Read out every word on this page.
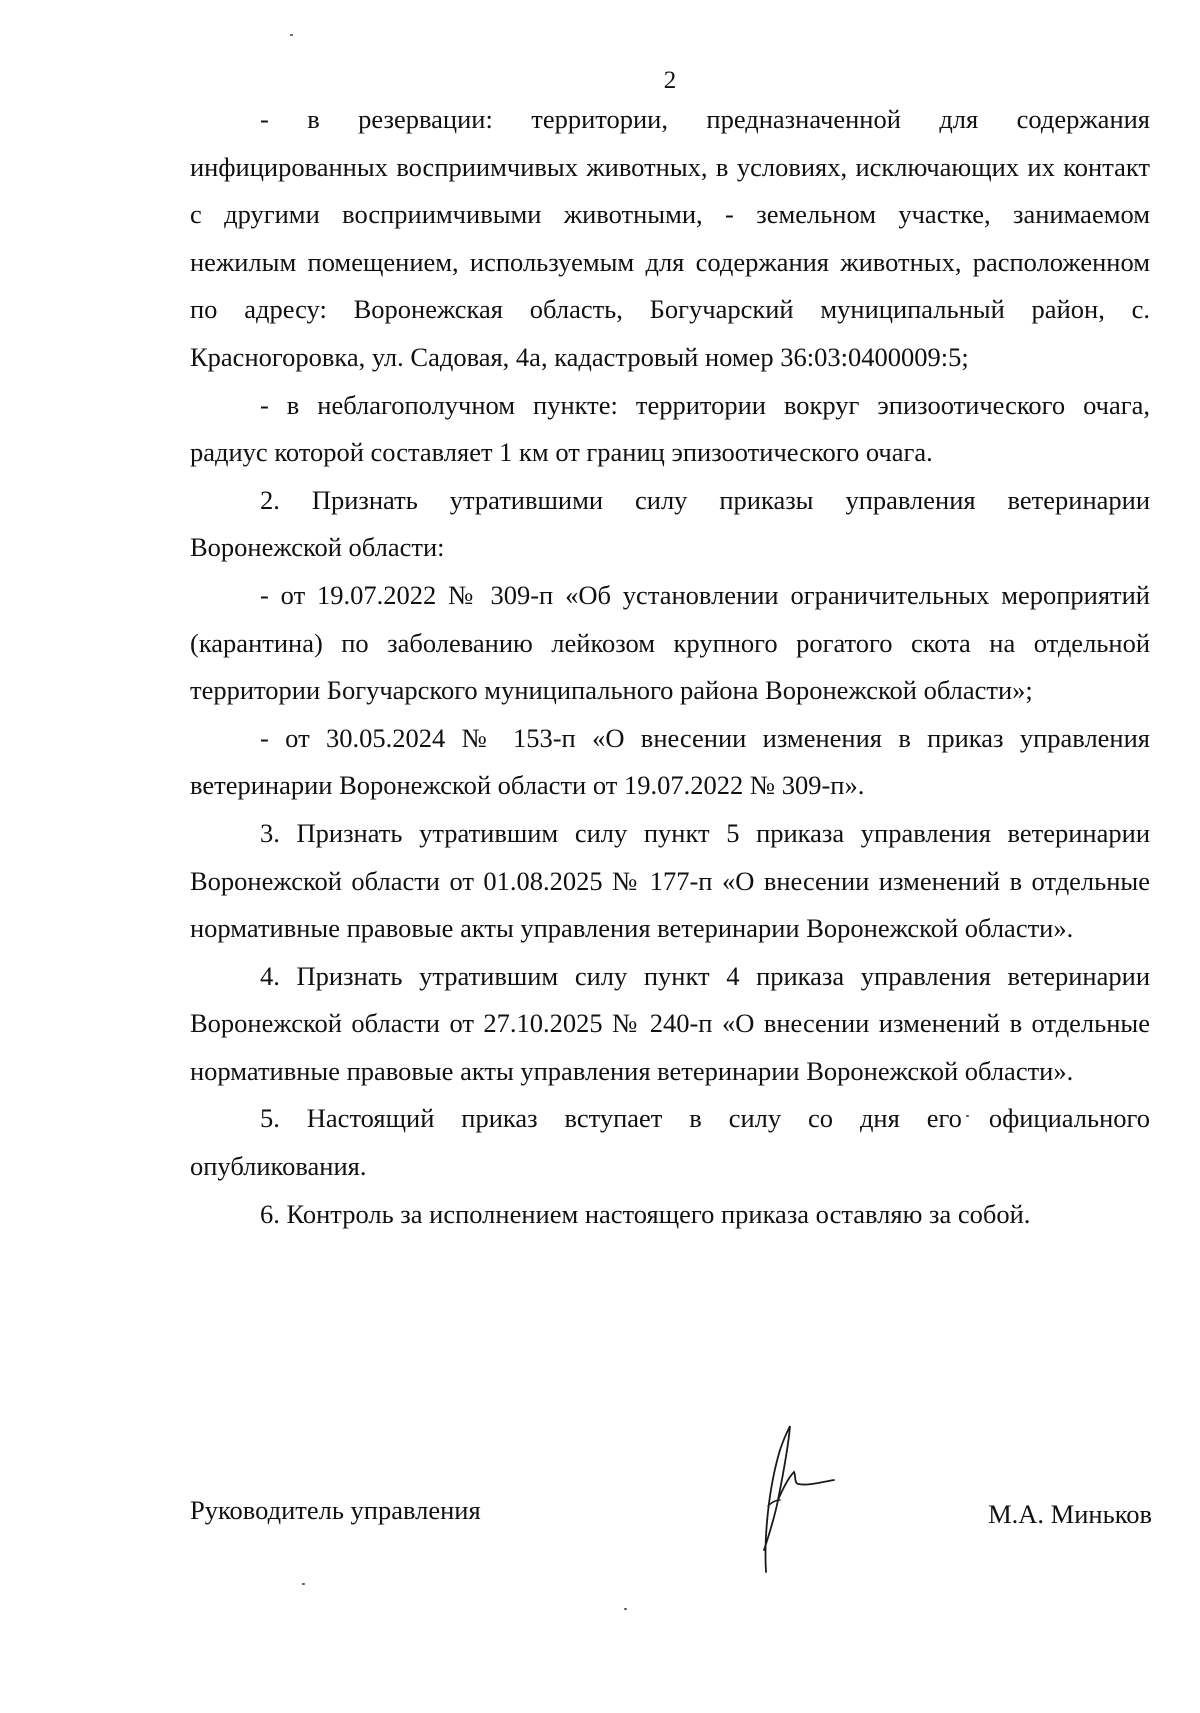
2

- в резервации: территории, предназначенной для содержания инфицированных восприимчивых животных, в условиях, исключающих их контакт с другими восприимчивыми животными, - земельном участке, занимаемом нежилым помещением, используемым для содержания животных, расположенном по адресу: Воронежская область, Богучарский муниципальный район, с. Красногоровка, ул. Садовая, 4а, кадастровый номер 36:03:0400009:5;

- в неблагополучном пункте: территории вокруг эпизоотического очага, радиус которой составляет 1 км от границ эпизоотического очага.

2. Признать утратившими силу приказы управления ветеринарии Воронежской области:

- от 19.07.2022 № 309-п «Об установлении ограничительных мероприятий (карантина) по заболеванию лейкозом крупного рогатого скота на отдельной территории Богучарского муниципального района Воронежской области»;

- от 30.05.2024 № 153-п «О внесении изменения в приказ управления ветеринарии Воронежской области от 19.07.2022 № 309-п».

3. Признать утратившим силу пункт 5 приказа управления ветеринарии Воронежской области от 01.08.2025 № 177-п «О внесении изменений в отдельные нормативные правовые акты управления ветеринарии Воронежской области».

4. Признать утратившим силу пункт 4 приказа управления ветеринарии Воронежской области от 27.10.2025 № 240-п «О внесении изменений в отдельные нормативные правовые акты управления ветеринарии Воронежской области».

5. Настоящий приказ вступает в силу со дня его официального опубликования.

6. Контроль за исполнением настоящего приказа оставляю за собой.

Руководитель управления	М.А. Миньков
